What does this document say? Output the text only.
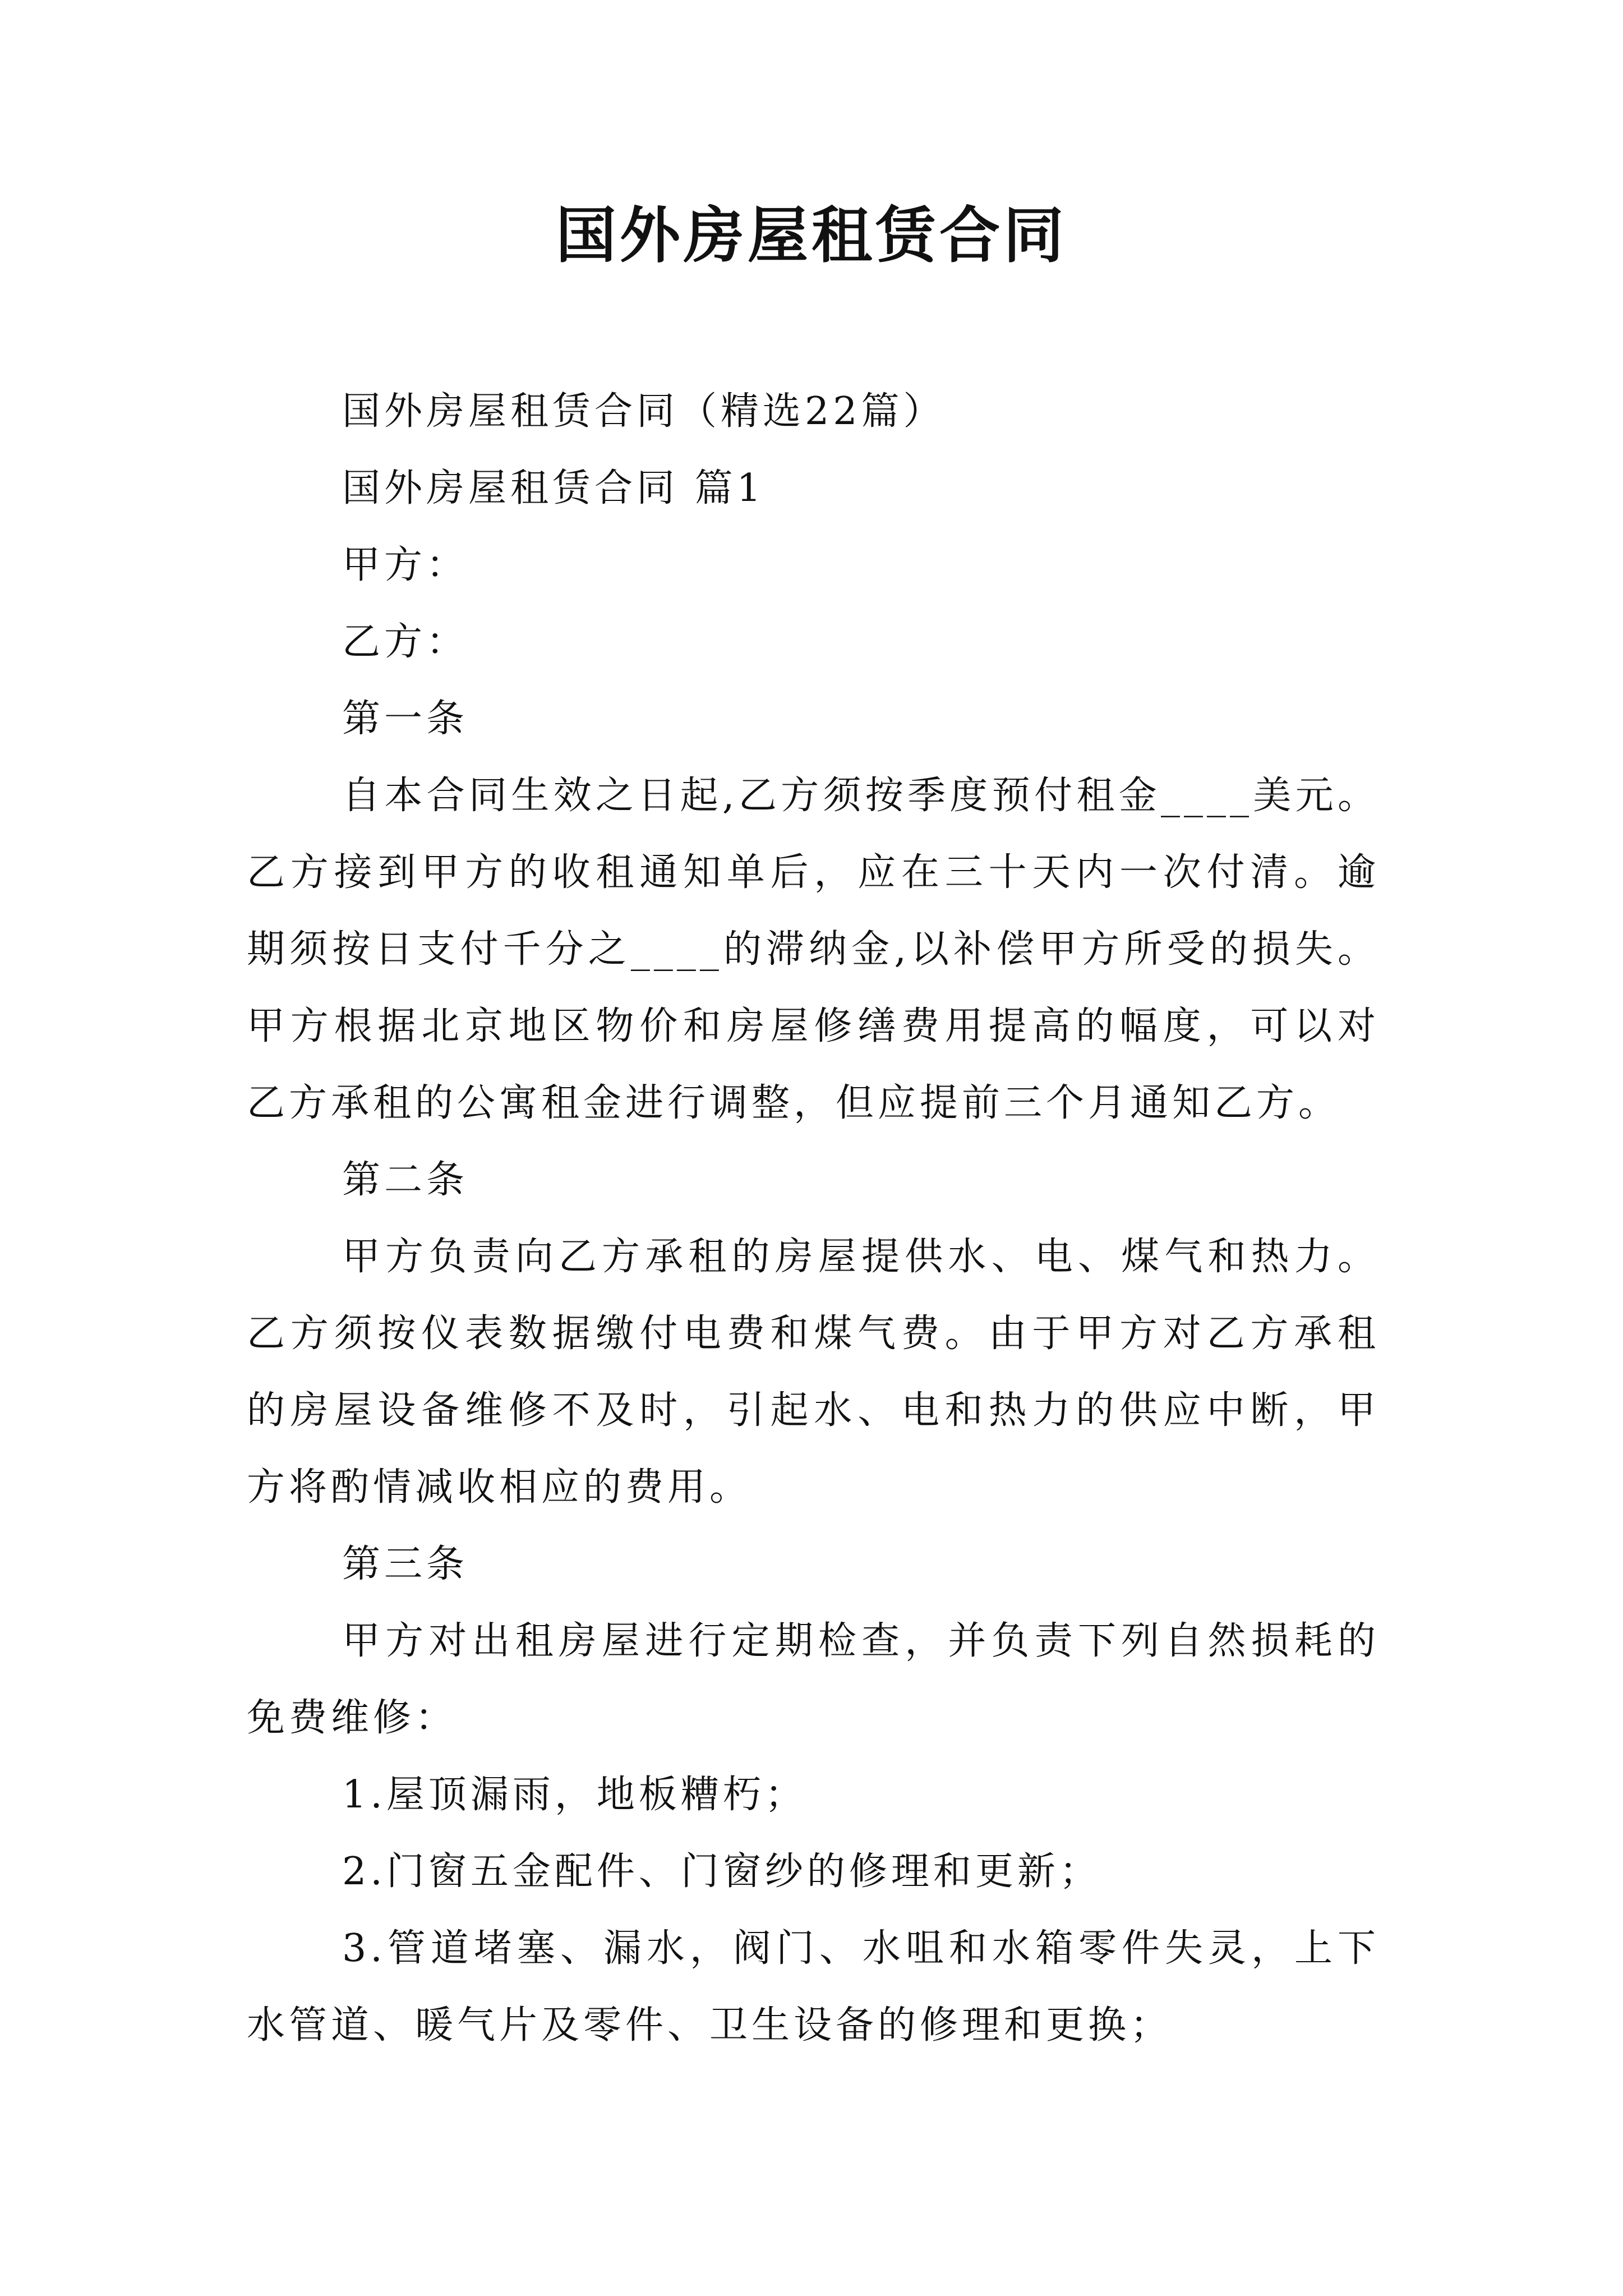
国外房屋租赁合同

国外房屋租赁合同（精选22篇）

国外房屋租赁合同 篇1

甲方：

乙方：

第一条

自本合同生效之日起,乙方须按季度预付租金____美元。乙方接到甲方的收租通知单后，应在三十天内一次付清。逾期须按日支付千分之____的滞纳金,以补偿甲方所受的损失。甲方根据北京地区物价和房屋修缮费用提高的幅度，可以对乙方承租的公寓租金进行调整，但应提前三个月通知乙方。

第二条

甲方负责向乙方承租的房屋提供水、电、煤气和热力。乙方须按仪表数据缴付电费和煤气费。由于甲方对乙方承租的房屋设备维修不及时，引起水、电和热力的供应中断，甲方将酌情减收相应的费用。

第三条

甲方对出租房屋进行定期检查，并负责下列自然损耗的免费维修：

1.屋顶漏雨，地板糟朽；

2.门窗五金配件、门窗纱的修理和更新；

3.管道堵塞、漏水，阀门、水咀和水箱零件失灵，上下水管道、暖气片及零件、卫生设备的修理和更换；
